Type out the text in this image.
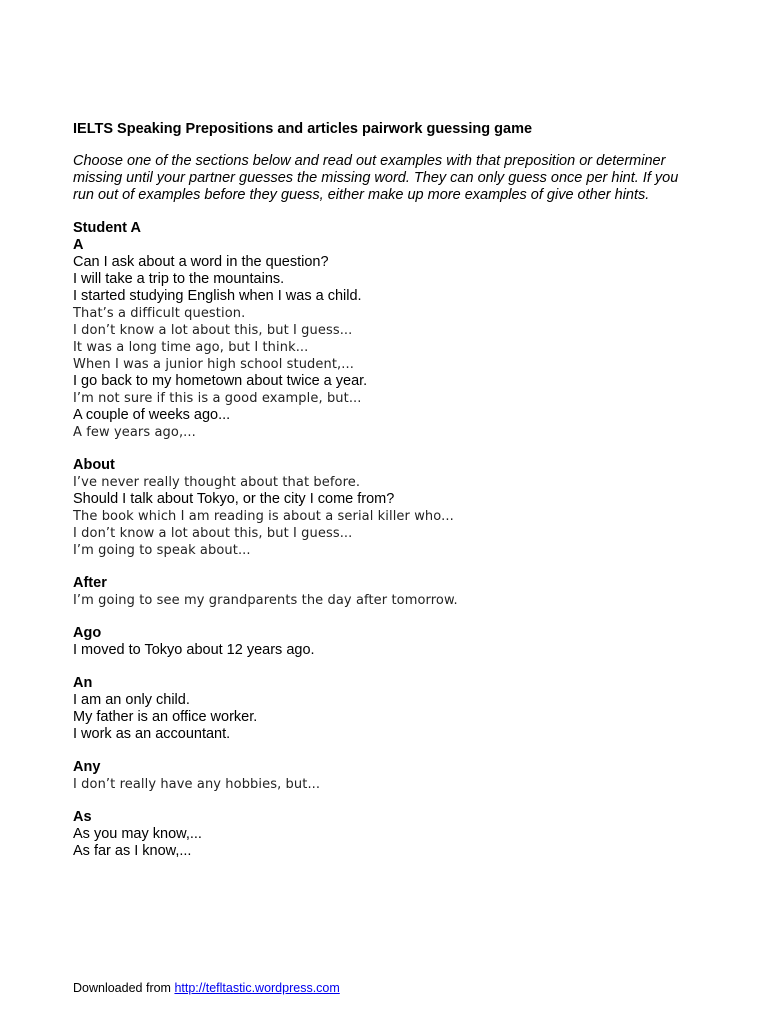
IELTS Speaking Prepositions and articles pairwork guessing game
Choose one of the sections below and read out examples with that preposition or determiner missing until your partner guesses the missing word. They can only guess once per hint. If you run out of examples before they guess, either make up more examples of give other hints.
Student A
A
Can I ask about a word in the question?
I will take a trip to the mountains.
I started studying English when I was a child.
That’s a difficult question.
I don’t know a lot about this, but I guess...
It was a long time ago, but I think...
When I was a junior high school student,...
I go back to my hometown about twice a year.
I’m not sure if this is a good example, but...
A couple of weeks ago...
A few years ago,...
About
I’ve never really thought about that before.
Should I talk about Tokyo, or the city I come from?
The book which I am reading is about a serial killer who...
I don’t know a lot about this, but I guess...
I’m going to speak about...
After
I’m going to see my grandparents the day after tomorrow.
Ago
I moved to Tokyo about 12 years ago.
An
I am an only child.
My father is an office worker.
I work as an accountant.
Any
I don’t really have any hobbies, but...
As
As you may know,...
As far as I know,...
Downloaded from http://tefltastic.wordpress.com
